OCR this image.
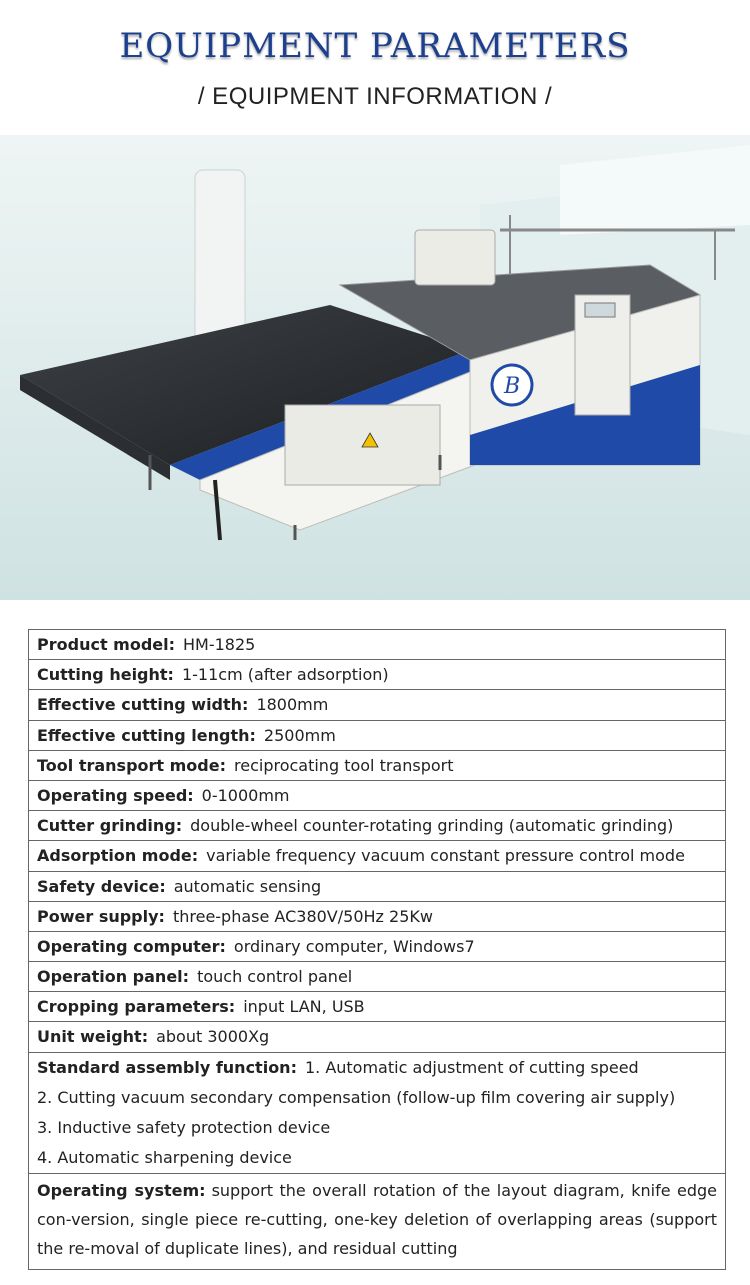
EQUIPMENT PARAMETERS
/ EQUIPMENT INFORMATION /
B
Product model: HM-1825
Cutting height: 1-11cm (after adsorption)
Effective cutting width: 1800mm
Effective cutting length: 2500mm
Tool transport mode: reciprocating tool transport
Operating speed: 0-1000mm
Cutter grinding: double-wheel counter-rotating grinding (automatic grinding)
Adsorption mode: variable frequency vacuum constant pressure control mode
Safety device: automatic sensing
Power supply: three-phase AC380V/50Hz 25Kw
Operating computer: ordinary computer, Windows7
Operation panel: touch control panel
Cropping parameters: input LAN, USB
Unit weight: about 3000Xg
Standard assembly function: 1. Automatic adjustment of cutting speed
2. Cutting vacuum secondary compensation (follow-up film covering air supply)
3. Inductive safety protection device
4. Automatic sharpening device
Operating system: support the overall rotation of the layout diagram, knife edge con-version, single piece re-cutting, one-key deletion of overlapping areas (support the re-moval of duplicate lines), and residual cutting
